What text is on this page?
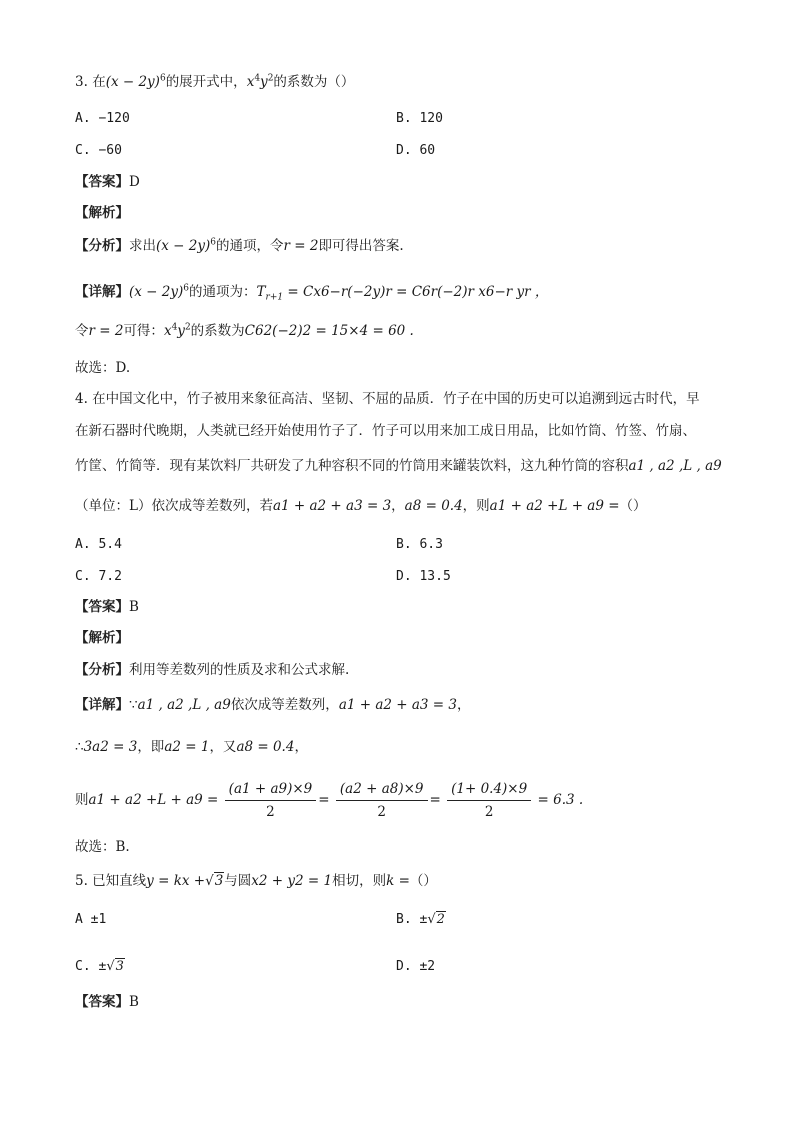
3. 在$(x - 2y)^6$的展开式中，$x^4y^2$的系数为（）
A. −120	B. 120
C. −60	D. 60
【答案】D
【解析】
【分析】求出$(x - 2y)^6$的通项，令r = 2即可得出答案.
【详解】$(x - 2y)^6$的通项为：$T_{r+1} = Cx6-r(-2y)r = C6r(-2)r$ x6−r yr ，
令r = 2可得：$x^4y^2$的系数为C62(−2)2 = 15×4 = 60 .
故选：D.
4. 在中国文化中，竹子被用来象征高洁、坚韧、不屈的品质．竹子在中国的历史可以追溯到远古时代，早
在新石器时代晚期，人类就已经开始使用竹子了．竹子可以用来加工成日用品，比如竹筒、竹签、竹扇、
竹筐、竹简等．现有某饮料厂共研发了九种容积不同的竹筒用来罐装饮料，这九种竹筒的容积a1 , a2 ,L , a9
（单位：L）依次成等差数列，若a1 + a2 + a3 = 3，a8 = 0.4，则a1 + a2 +L + a9 =（）
A. 5.4	B. 6.3
C. 7.2	D. 13.5
【答案】B
【解析】
【分析】利用等差数列的性质及求和公式求解.
【详解】∵a1 , a2 ,L , a9依次成等差数列，a1 + a2 + a3 = 3，
∴3a2 = 3，即a2 = 1，又a8 = 0.4，
则$a1 + a2 +L + a9 = \frac{(a1 + a9)\times 9}{2} = \frac{(a2 + a8)\times 9}{2} = \frac{(1+ 0.4)\times 9}{2} = 6.3$ .
故选：B.
5. 已知直线y = kx +√3与圆x2 + y2 = 1相切，则k =（）
A ±1	B. ±√2
C. ±√3	D. ±2
【答案】B
